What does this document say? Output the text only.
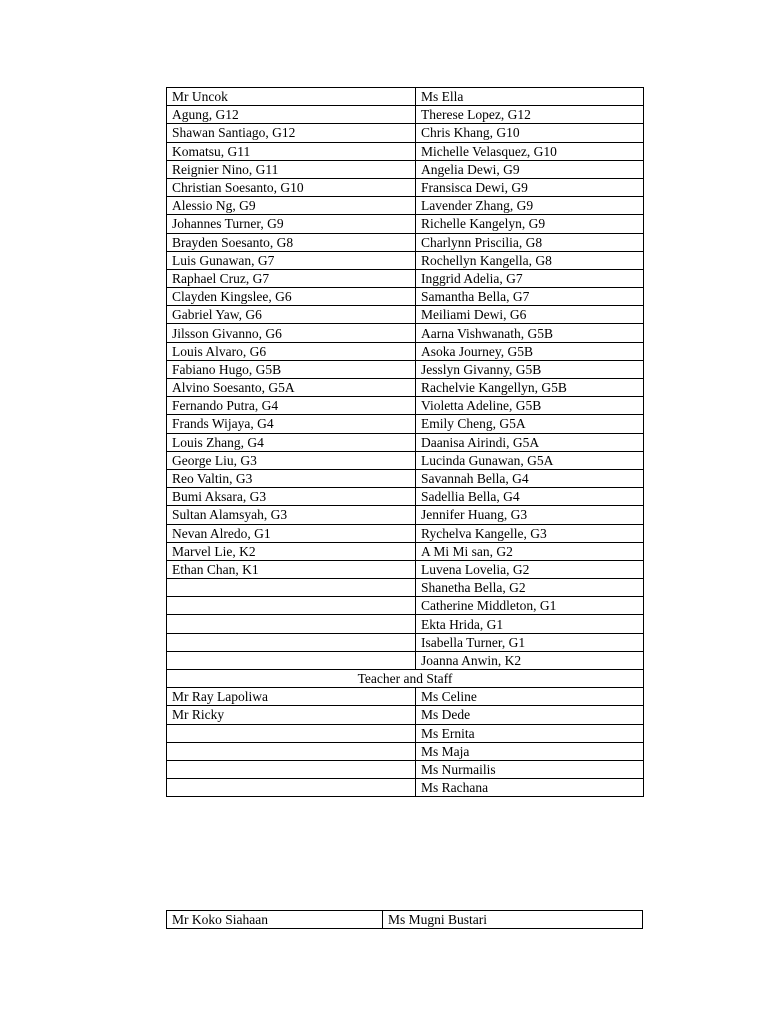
Mr Uncok	Ms Ella
Agung, G12	Therese Lopez, G12
Shawan Santiago, G12	Chris Khang, G10
Komatsu, G11	Michelle Velasquez, G10
Reignier Nino, G11	Angelia Dewi, G9
Christian Soesanto, G10	Fransisca Dewi, G9
Alessio Ng, G9	Lavender Zhang, G9
Johannes Turner, G9	Richelle Kangelyn, G9
Brayden Soesanto, G8	Charlynn Priscilia, G8
Luis Gunawan, G7	Rochellyn Kangella, G8
Raphael Cruz, G7	Inggrid Adelia, G7
Clayden Kingslee, G6	Samantha Bella, G7
Gabriel Yaw, G6	Meiliami Dewi, G6
Jilsson Givanno, G6	Aarna Vishwanath, G5B
Louis Alvaro, G6	Asoka Journey, G5B
Fabiano Hugo, G5B	Jesslyn Givanny, G5B
Alvino Soesanto, G5A	Rachelvie Kangellyn, G5B
Fernando Putra, G4	Violetta Adeline, G5B
Frands Wijaya, G4	Emily Cheng, G5A
Louis Zhang, G4	Daanisa Airindi, G5A
George Liu, G3	Lucinda Gunawan, G5A
Reo Valtin, G3	Savannah Bella, G4
Bumi Aksara, G3	Sadellia Bella, G4
Sultan Alamsyah, G3	Jennifer Huang, G3
Nevan Alredo, G1	Rychelva Kangelle, G3
Marvel Lie, K2	A Mi Mi san, G2
Ethan Chan, K1	Luvena Lovelia, G2
	Shanetha Bella, G2
	Catherine Middleton, G1
	Ekta Hrida, G1
	Isabella Turner, G1
	Joanna Anwin, K2
Teacher and Staff	
Mr Ray Lapoliwa	Ms Celine
Mr Ricky	Ms Dede
	Ms Ernita
	Ms Maja
	Ms Nurmailis
	Ms Rachana
Mr Koko Siahaan	Ms Mugni Bustari
